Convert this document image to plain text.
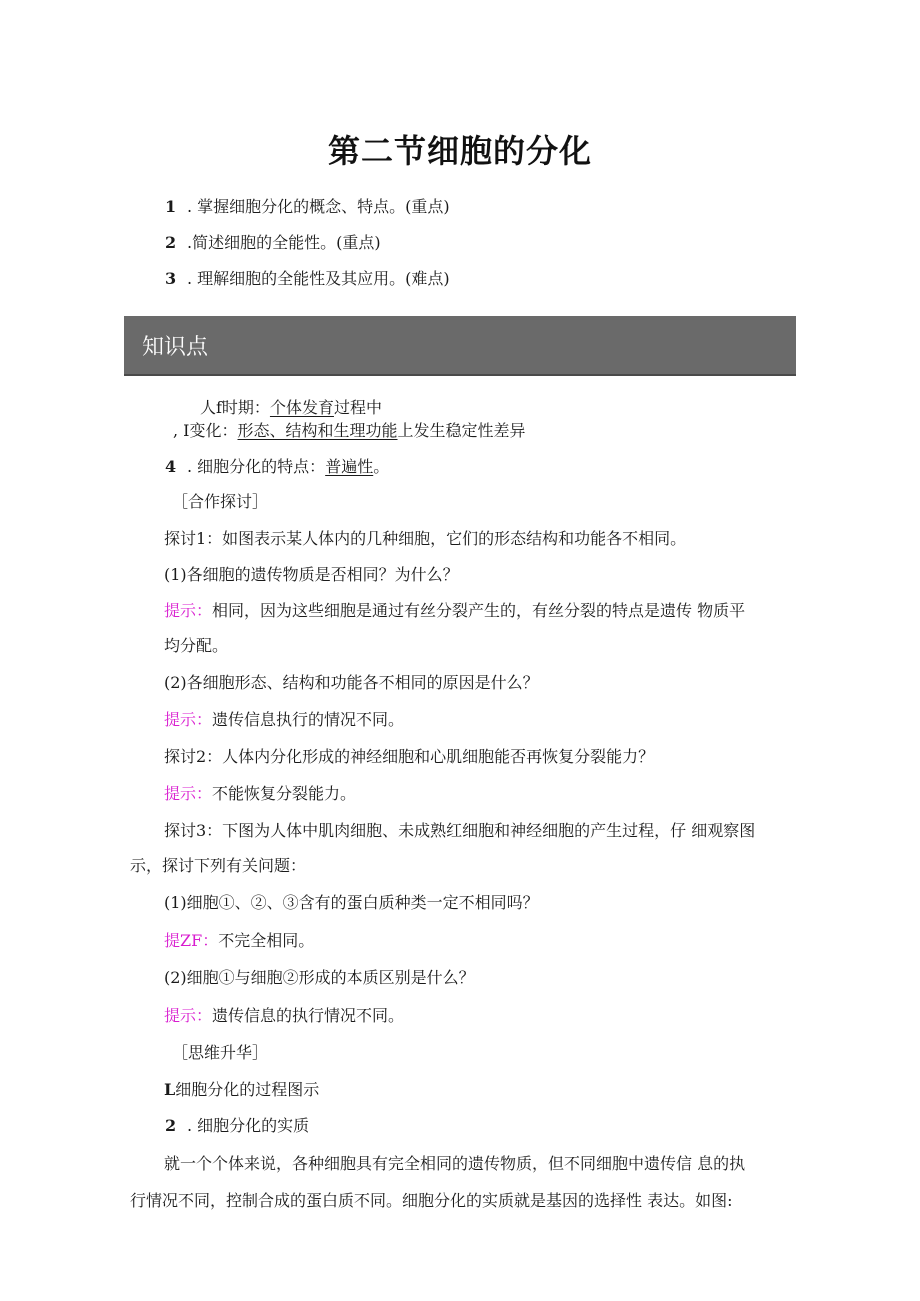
第二节细胞的分化
1 . 掌握细胞分化的概念、特点。(重点)
2 .简述细胞的全能性。(重点)
3 . 理解细胞的全能性及其应用。(难点)
知识点
人f时期：个体发育过程中
, I变化：形态、结构和生理功能上发生稳定性差异
4 . 细胞分化的特点：普遍性。
［合作探讨］
探讨1：如图表示某人体内的几种细胞，它们的形态结构和功能各不相同。
(1)各细胞的遗传物质是否相同？为什么？
提示：相同，因为这些细胞是通过有丝分裂产生的，有丝分裂的特点是遗传 物质平
均分配。
(2)各细胞形态、结构和功能各不相同的原因是什么？
提示：遗传信息执行的情况不同。
探讨2：人体内分化形成的神经细胞和心肌细胞能否再恢复分裂能力？
提示：不能恢复分裂能力。
探讨3：下图为人体中肌肉细胞、未成熟红细胞和神经细胞的产生过程，仔 细观察图
示，探讨下列有关问题：
(1)细胞①、②、③含有的蛋白质种类一定不相同吗？
提ZF：不完全相同。
(2)细胞①与细胞②形成的本质区别是什么？
提示：遗传信息的执行情况不同。
［思维升华］
L细胞分化的过程图示
2 . 细胞分化的实质
就一个个体来说，各种细胞具有完全相同的遗传物质，但不同细胞中遗传信 息的执
行情况不同，控制合成的蛋白质不同。细胞分化的实质就是基因的选择性 表达。如图:
